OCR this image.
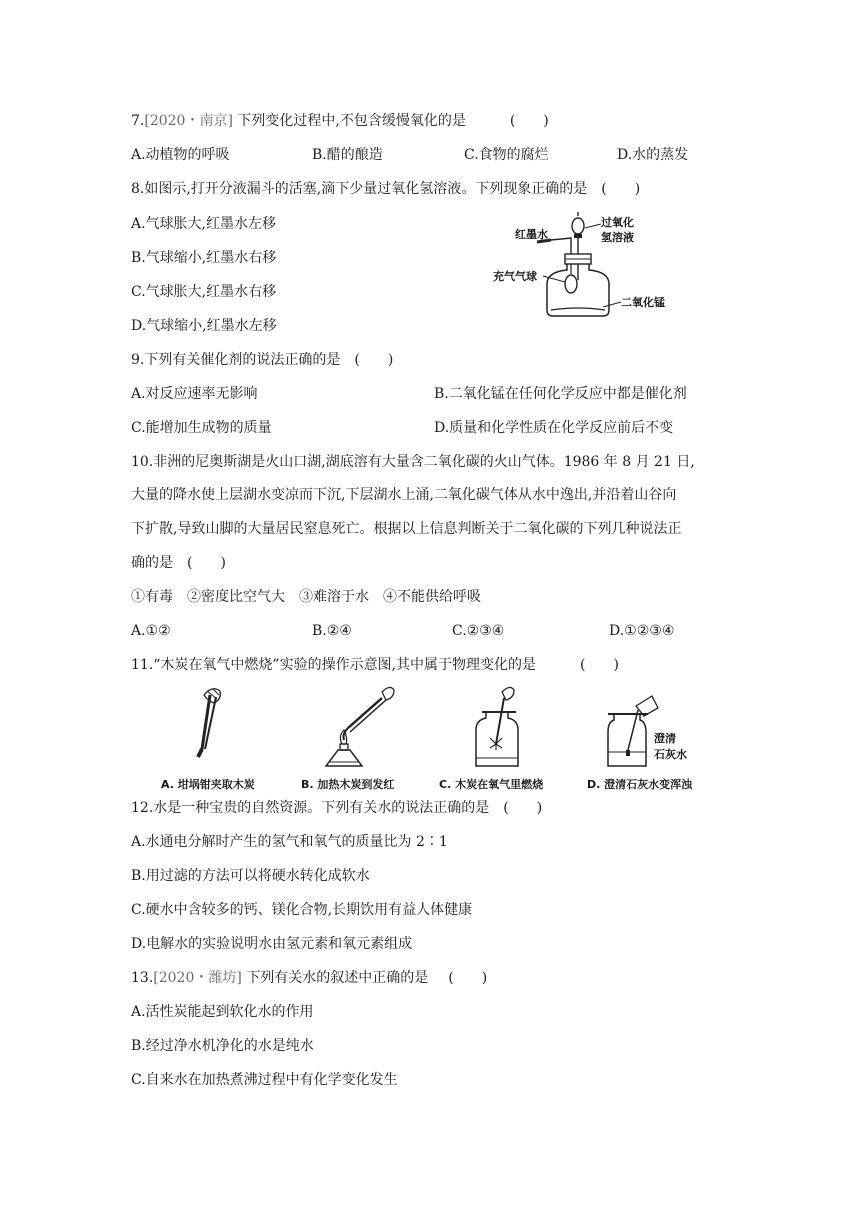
7.[2020・南京] 下列变化过程中,不包含缓慢氧化的是	(　　)
A.动植物的呼吸	B.醋的酿造	C.食物的腐烂	D.水的蒸发
8.如图示,打开分液漏斗的活塞,滴下少量过氧化氢溶液。下列现象正确的是 (　　)
A.气球胀大,红墨水左移
B.气球缩小,红墨水右移
C.气球胀大,红墨水右移
D.气球缩小,红墨水左移
红墨水
过氧化
氢溶液
充气气球
二氧化锰
9.下列有关催化剂的说法正确的是 (　　)
A.对反应速率无影响	B.二氧化锰在任何化学反应中都是催化剂
C.能增加生成物的质量	D.质量和化学性质在化学反应前后不变
10.非洲的尼奥斯湖是火山口湖,湖底溶有大量含二氧化碳的火山气体。1986 年 8 月 21 日,
大量的降水使上层湖水变凉而下沉,下层湖水上涌,二氧化碳气体从水中逸出,并沿着山谷向
下扩散,导致山脚的大量居民窒息死亡。根据以上信息判断关于二氧化碳的下列几种说法正
确的是 (　　)
①有毒　②密度比空气大　③难溶于水　④不能供给呼吸
A.①②	B.②④	C.②③④	D.①②③④
11.“木炭在氧气中燃烧”实验的操作示意图,其中属于物理变化的是	(　　)
A. 坩埚钳夹取木炭	B. 加热木炭到发红	C. 木炭在氧气里燃烧
澄清
石灰水
D. 澄清石灰水变浑浊
12.水是一种宝贵的自然资源。下列有关水的说法正确的是 (　　)
A.水通电分解时产生的氢气和氧气的质量比为 2∶1
B.用过滤的方法可以将硬水转化成软水
C.硬水中含较多的钙、镁化合物,长期饮用有益人体健康
D.电解水的实验说明水由氢元素和氧元素组成
13.[2020・潍坊] 下列有关水的叙述中正确的是 (　　)
A.活性炭能起到软化水的作用
B.经过净水机净化的水是纯水
C.自来水在加热煮沸过程中有化学变化发生
